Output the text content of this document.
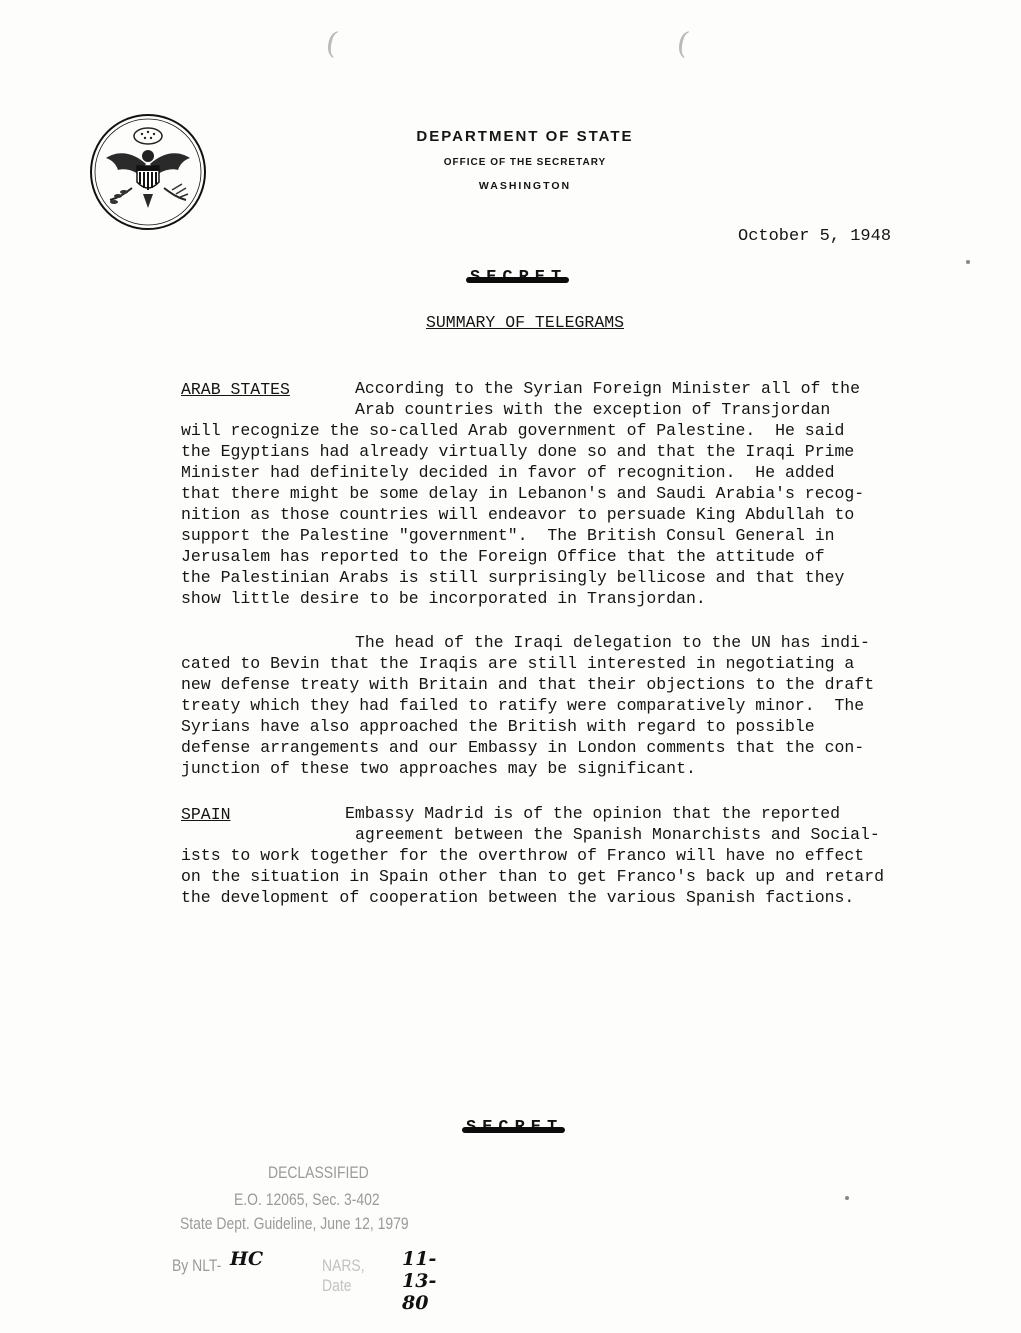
(	(
DEPARTMENT OF STATE
OFFICE OF THE SECRETARY
WASHINGTON
October 5, 1948
SUMMARY OF TELEGRAMS
ARAB STATES	According to the Syrian Foreign Minister all of the
Arab countries with the exception of Transjordan
will recognize the so-called Arab government of Palestine.  He said
the Egyptians had already virtually done so and that the Iraqi Prime
Minister had definitely decided in favor of recognition.  He added
that there might be some delay in Lebanon's and Saudi Arabia's recog-
nition as those countries will endeavor to persuade King Abdullah to
support the Palestine "government".  The British Consul General in
Jerusalem has reported to the Foreign Office that the attitude of
the Palestinian Arabs is still surprisingly bellicose and that they
show little desire to be incorporated in Transjordan.
The head of the Iraqi delegation to the UN has indi-
cated to Bevin that the Iraqis are still interested in negotiating a
new defense treaty with Britain and that their objections to the draft
treaty which they had failed to ratify were comparatively minor.  The
Syrians have also approached the British with regard to possible
defense arrangements and our Embassy in London comments that the con-
junction of these two approaches may be significant.
SPAIN	Embassy Madrid is of the opinion that the reported
agreement between the Spanish Monarchists and Social-
ists to work together for the overthrow of Franco will have no effect
on the situation in Spain other than to get Franco's back up and retard
the development of cooperation between the various Spanish factions.
DECLASSIFIED
E.O. 12065, Sec. 3-402
State Dept. Guideline, June 12, 1979
By NLT- HC	NARS, Date
11-13-80
